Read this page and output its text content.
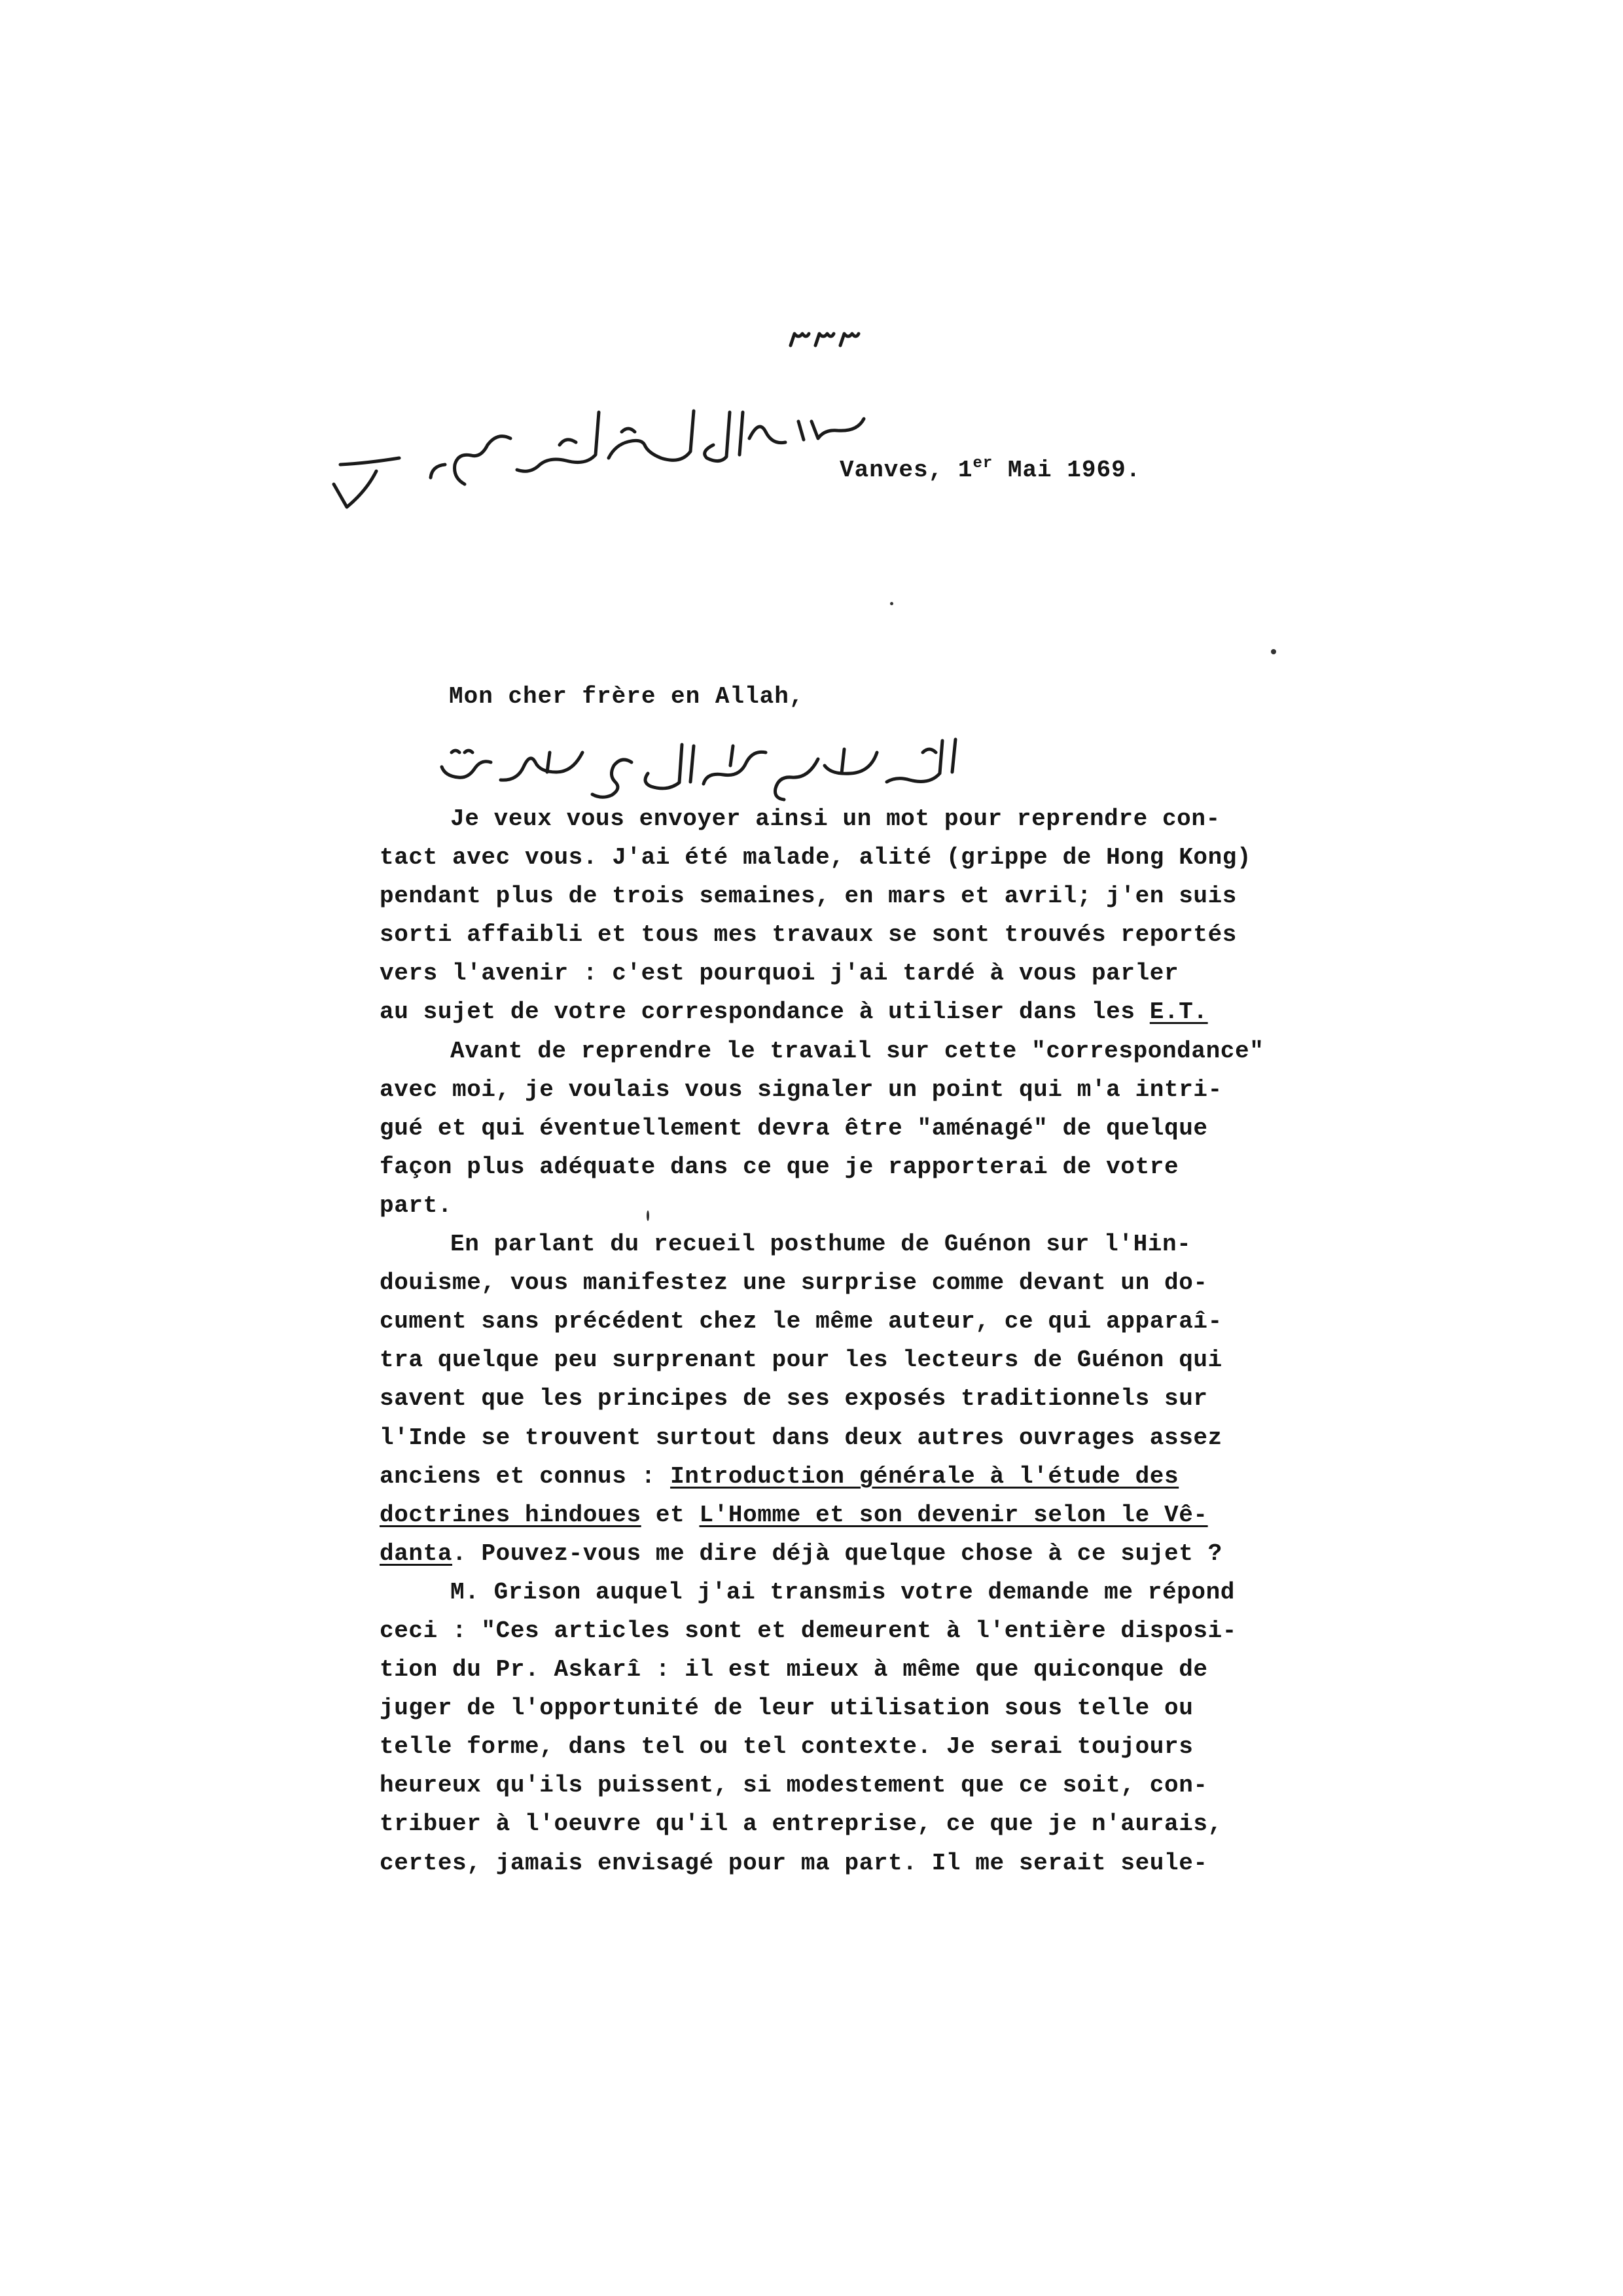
Vanves, 1er Mai 1969.
Mon cher frère en Allah,
Je veux vous envoyer ainsi un mot pour reprendre con-
tact avec vous. J'ai été malade, alité (grippe de Hong Kong)
pendant plus de trois semaines, en mars et avril; j'en suis
sorti affaibli et tous mes travaux se sont trouvés reportés
vers l'avenir : c'est pourquoi j'ai tardé à vous parler
au sujet de votre correspondance à utiliser dans les E.T.
Avant de reprendre le travail sur cette "correspondance"
avec moi, je voulais vous signaler un point qui m'a intri-
gué et qui éventuellement devra être "aménagé" de quelque
façon plus adéquate dans ce que je rapporterai de votre
part.
En parlant du recueil posthume de Guénon sur l'Hin-
douisme, vous manifestez une surprise comme devant un do-
cument sans précédent chez le même auteur, ce qui apparaî-
tra quelque peu surprenant pour les lecteurs de Guénon qui
savent que les principes de ses exposés traditionnels sur
l'Inde se trouvent surtout dans deux autres ouvrages assez
anciens et connus : Introduction générale à l'étude des
doctrines hindoues et L'Homme et son devenir selon le Vê-
danta. Pouvez-vous me dire déjà quelque chose à ce sujet ?
M. Grison auquel j'ai transmis votre demande me répond
ceci : "Ces articles sont et demeurent à l'entière disposi-
tion du Pr. Askarî : il est mieux à même que quiconque de
juger de l'opportunité de leur utilisation sous telle ou
telle forme, dans tel ou tel contexte. Je serai toujours
heureux qu'ils puissent, si modestement que ce soit, con-
tribuer à l'oeuvre qu'il a entreprise, ce que je n'aurais,
certes, jamais envisagé pour ma part. Il me serait seule-
